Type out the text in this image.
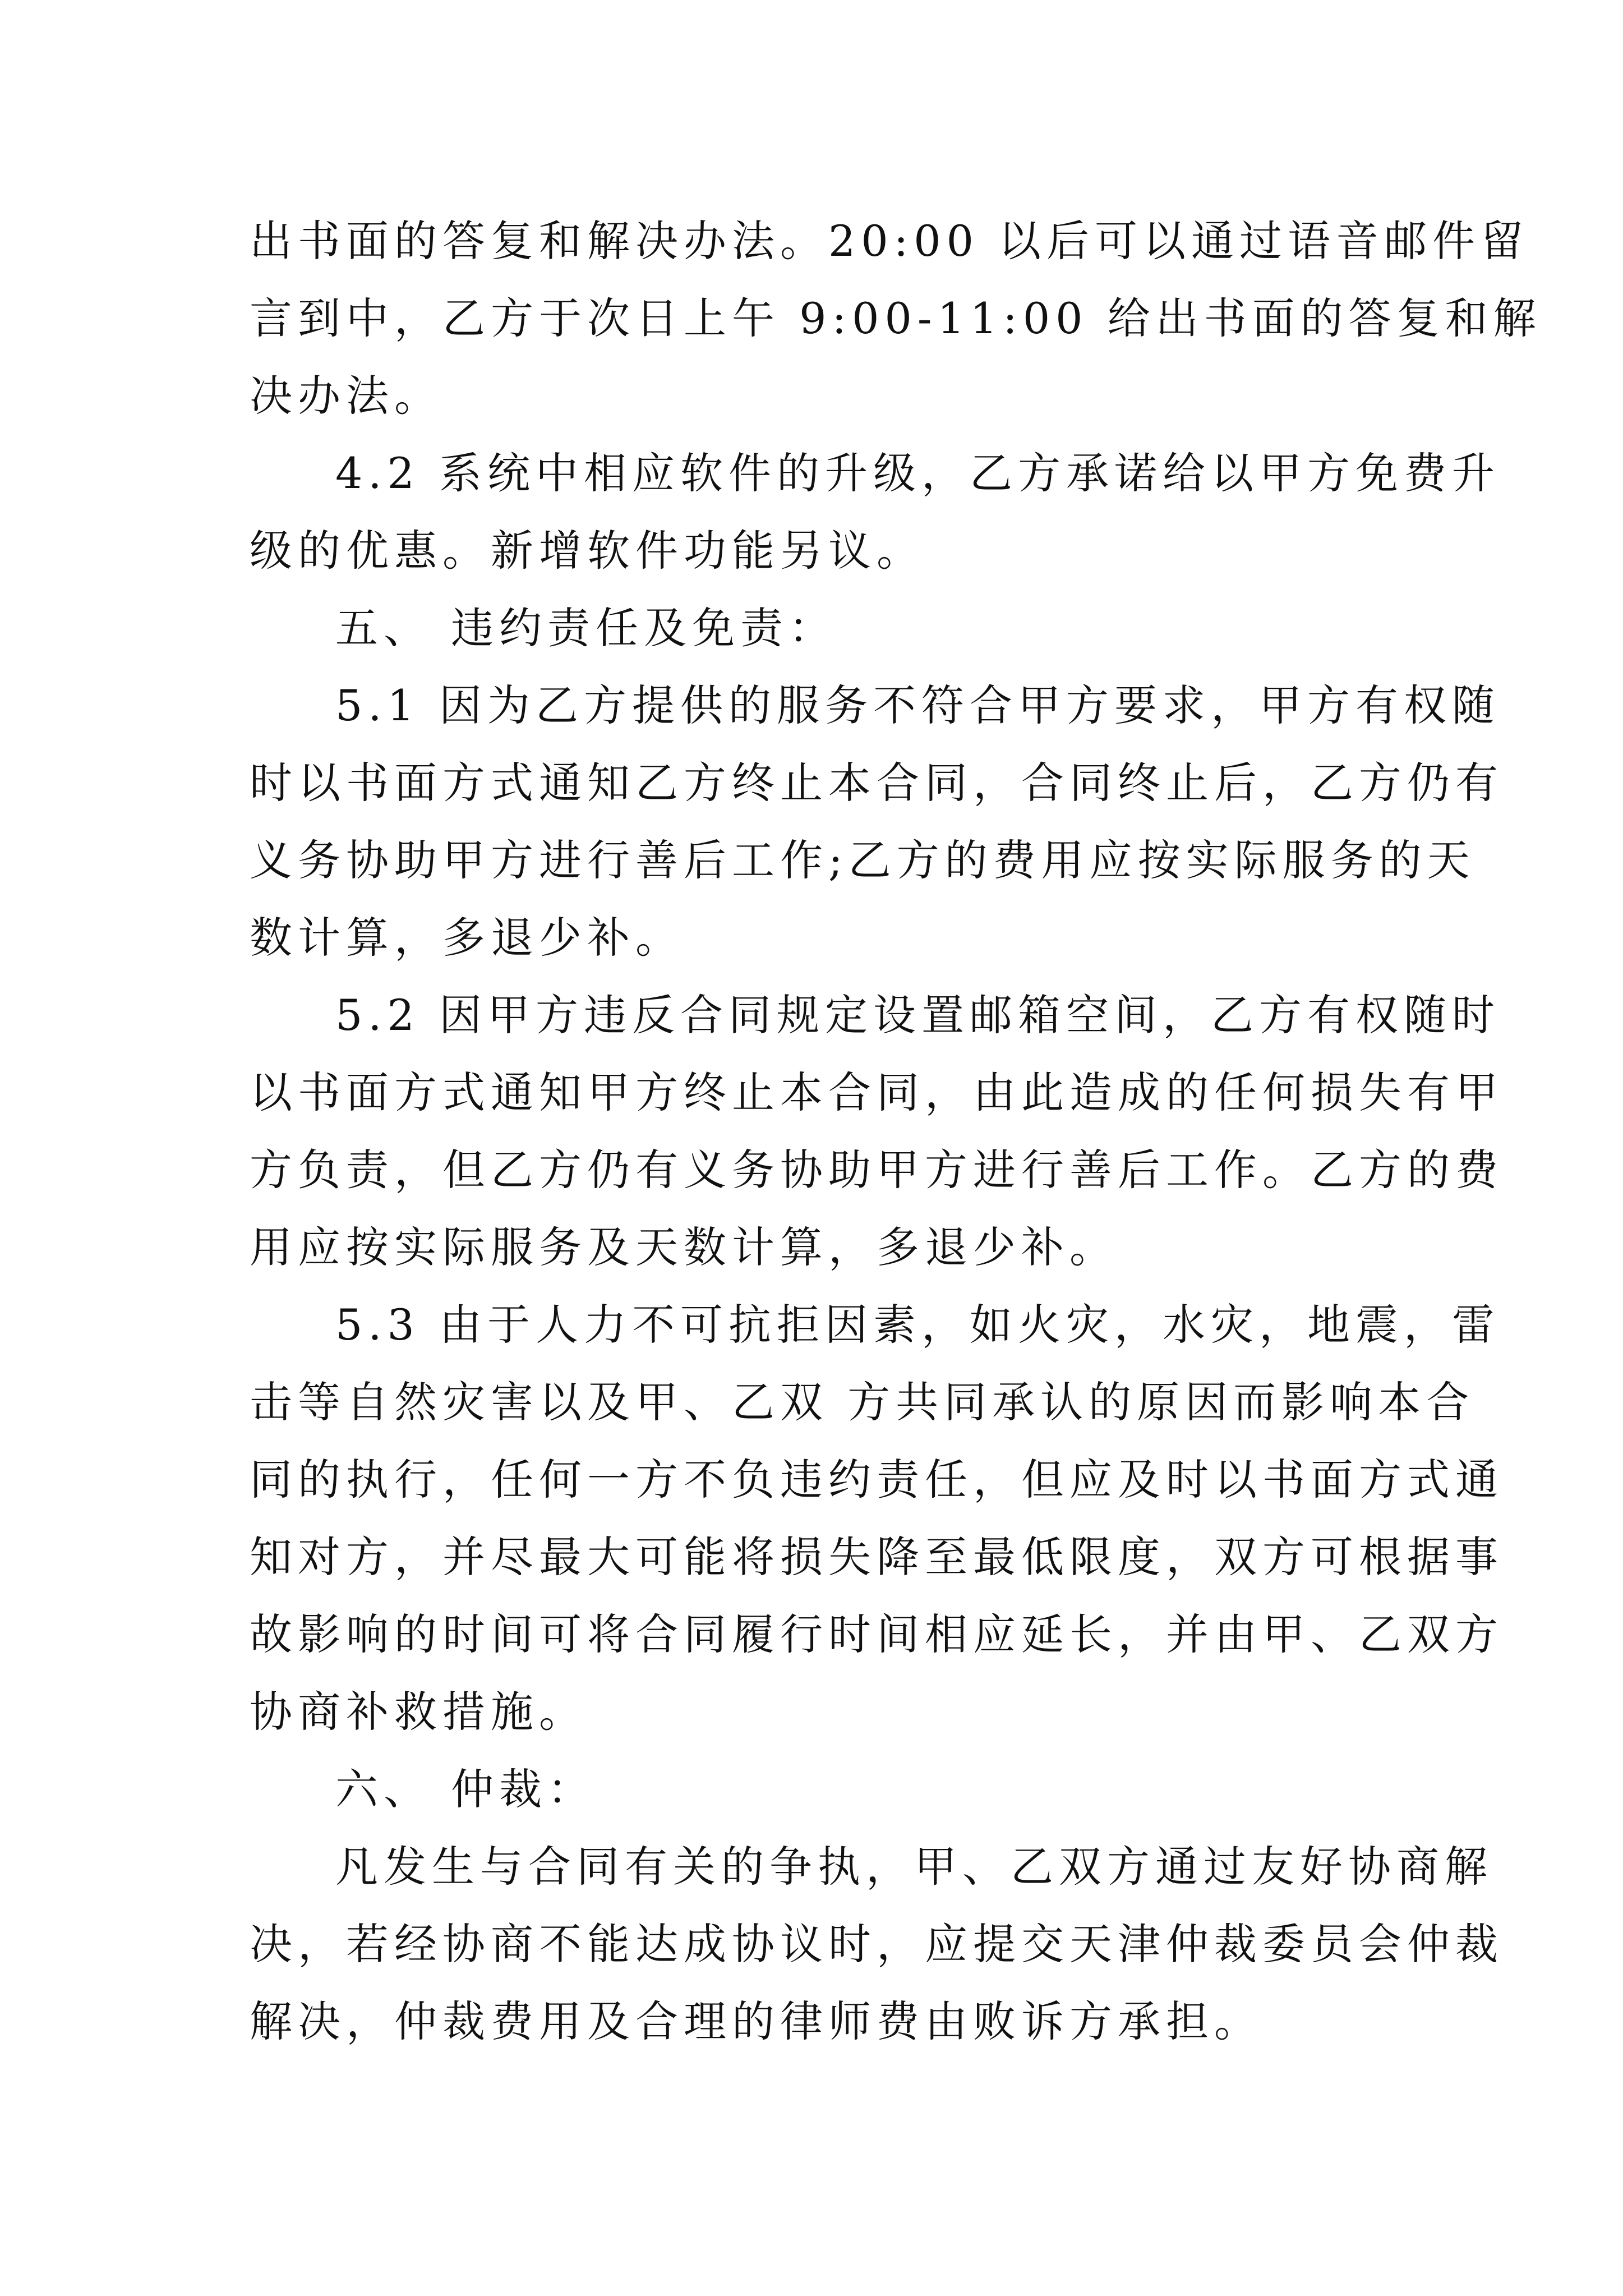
出书面的答复和解决办法。20:00 以后可以通过语音邮件留
言到中，乙方于次日上午 9:00-11:00 给出书面的答复和解
决办法。
4.2 系统中相应软件的升级，乙方承诺给以甲方免费升
级的优惠。新增软件功能另议。
五、 违约责任及免责：
5.1 因为乙方提供的服务不符合甲方要求，甲方有权随
时以书面方式通知乙方终止本合同，合同终止后，乙方仍有
义务协助甲方进行善后工作;乙方的费用应按实际服务的天
数计算，多退少补。
5.2 因甲方违反合同规定设置邮箱空间，乙方有权随时
以书面方式通知甲方终止本合同，由此造成的任何损失有甲
方负责，但乙方仍有义务协助甲方进行善后工作。乙方的费
用应按实际服务及天数计算，多退少补。
5.3 由于人力不可抗拒因素，如火灾，水灾，地震，雷
击等自然灾害以及甲、乙双 方共同承认的原因而影响本合
同的执行，任何一方不负违约责任，但应及时以书面方式通
知对方，并尽最大可能将损失降至最低限度，双方可根据事
故影响的时间可将合同履行时间相应延长，并由甲、乙双方
协商补救措施。
六、 仲裁：
凡发生与合同有关的争执，甲、乙双方通过友好协商解
决，若经协商不能达成协议时，应提交天津仲裁委员会仲裁
解决，仲裁费用及合理的律师费由败诉方承担。
